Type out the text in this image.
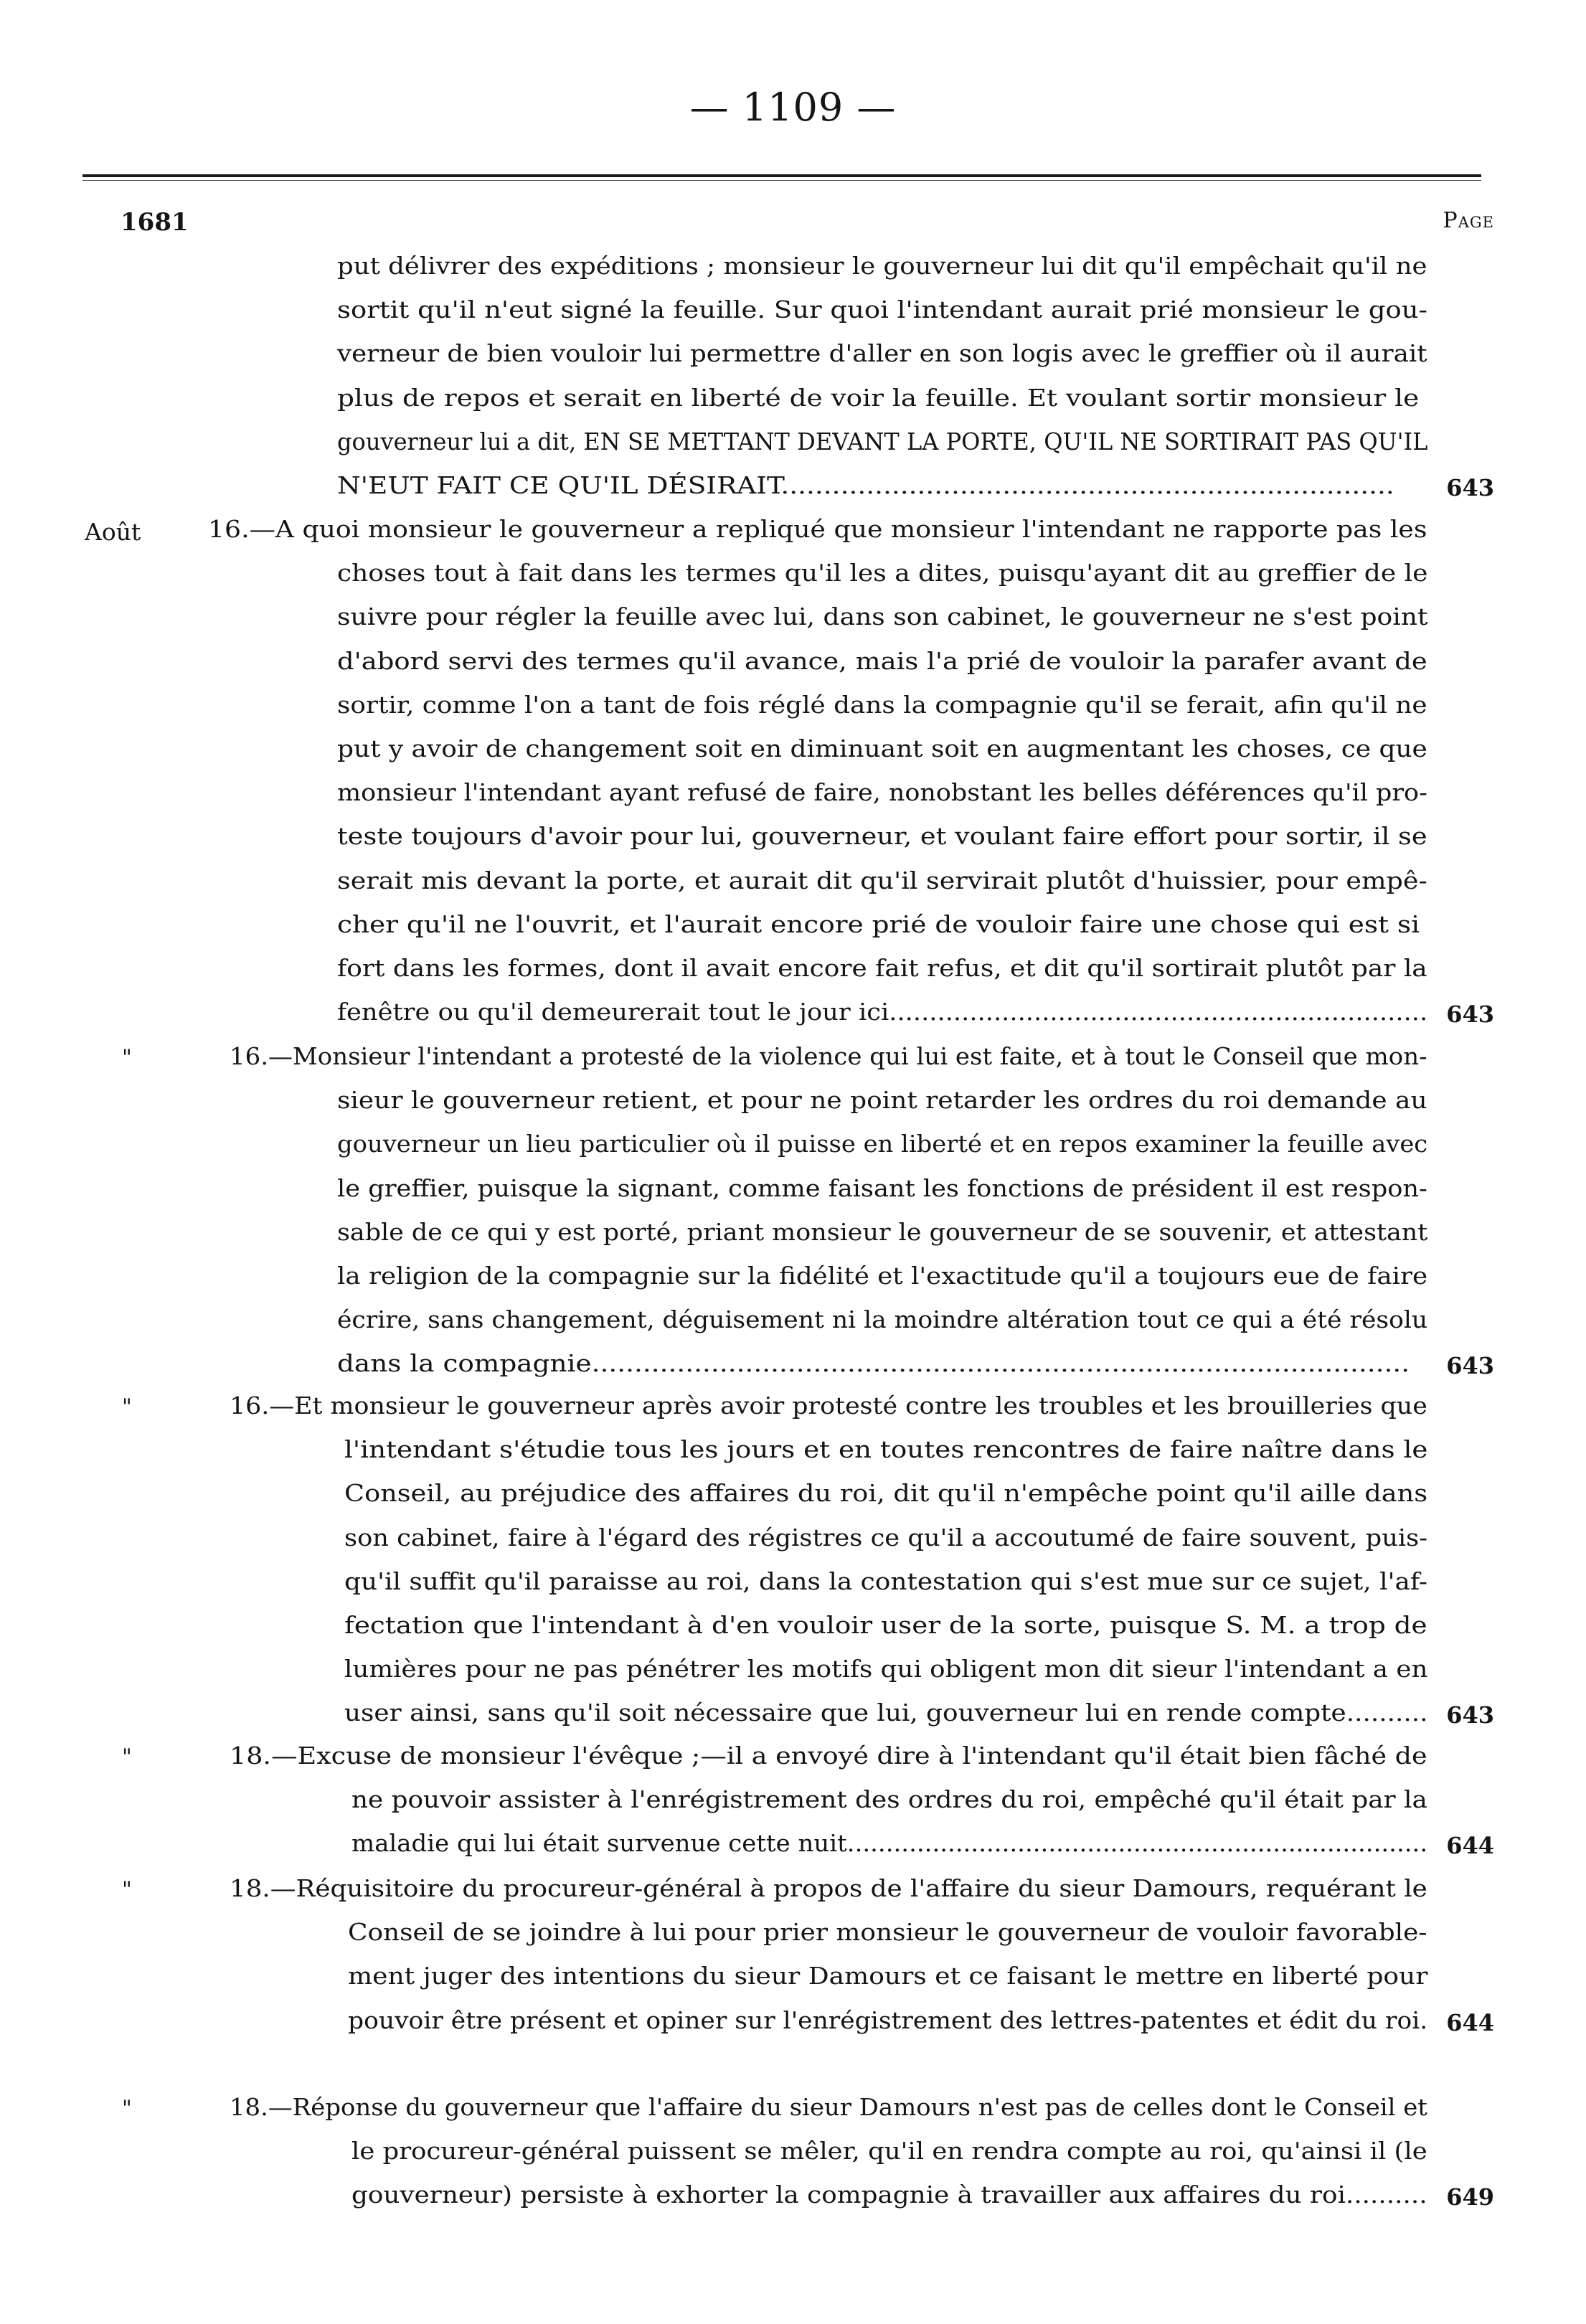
— 1109 —
1681	Page
put délivrer des expéditions ; monsieur le gouverneur lui dit qu'il empêchait qu'il ne
sortit qu'il n'eut signé la feuille. Sur quoi l'intendant aurait prié monsieur le gou-
verneur de bien vouloir lui permettre d'aller en son logis avec le greffier où il aurait
plus de repos et serait en liberté de voir la feuille. Et voulant sortir monsieur le
gouverneur lui a dit, EN SE METTANT DEVANT LA PORTE, QU'IL NE SORTIRAIT PAS QU'IL
N'EUT FAIT CE QU'IL DÉSIRAIT........................................................................ 643
Août	16.—A quoi monsieur le gouverneur a repliqué que monsieur l'intendant ne rapporte pas les
choses tout à fait dans les termes qu'il les a dites, puisqu'ayant dit au greffier de le
suivre pour régler la feuille avec lui, dans son cabinet, le gouverneur ne s'est point
d'abord servi des termes qu'il avance, mais l'a prié de vouloir la parafer avant de
sortir, comme l'on a tant de fois réglé dans la compagnie qu'il se ferait, afin qu'il ne
put y avoir de changement soit en diminuant soit en augmentant les choses, ce que
monsieur l'intendant ayant refusé de faire, nonobstant les belles déférences qu'il pro-
teste toujours d'avoir pour lui, gouverneur, et voulant faire effort pour sortir, il se
serait mis devant la porte, et aurait dit qu'il servirait plutôt d'huissier, pour empê-
cher qu'il ne l'ouvrit, et l'aurait encore prié de vouloir faire une chose qui est si
fort dans les formes, dont il avait encore fait refus, et dit qu'il sortirait plutôt par la
fenêtre ou qu'il demeurerait tout le jour ici................................................................... 643
"	16.—Monsieur l'intendant a protesté de la violence qui lui est faite, et à tout le Conseil que mon-
sieur le gouverneur retient, et pour ne point retarder les ordres du roi demande au
gouverneur un lieu particulier où il puisse en liberté et en repos examiner la feuille avec
le greffier, puisque la signant, comme faisant les fonctions de président il est respon-
sable de ce qui y est porté, priant monsieur le gouverneur de se souvenir, et attestant
la religion de la compagnie sur la fidélité et l'exactitude qu'il a toujours eue de faire
écrire, sans changement, déguisement ni la moindre altération tout ce qui a été résolu
dans la compagnie................................................................................................ 643
"	16.—Et monsieur le gouverneur après avoir protesté contre les troubles et les brouilleries que
l'intendant s'étudie tous les jours et en toutes rencontres de faire naître dans le
Conseil, au préjudice des affaires du roi, dit qu'il n'empêche point qu'il aille dans
son cabinet, faire à l'égard des régistres ce qu'il a accoutumé de faire souvent, puis-
qu'il suffit qu'il paraisse au roi, dans la contestation qui s'est mue sur ce sujet, l'af-
fectation que l'intendant à d'en vouloir user de la sorte, puisque S. M. a trop de
lumières pour ne pas pénétrer les motifs qui obligent mon dit sieur l'intendant a en
user ainsi, sans qu'il soit nécessaire que lui, gouverneur lui en rende compte.......... 643
"	18.—Excuse de monsieur l'évêque ;—il a envoyé dire à l'intendant qu'il était bien fâché de
ne pouvoir assister à l'enrégistrement des ordres du roi, empêché qu'il était par la
maladie qui lui était survenue cette nuit........................................................................... 644
"	18.—Réquisitoire du procureur-général à propos de l'affaire du sieur Damours, requérant le
Conseil de se joindre à lui pour prier monsieur le gouverneur de vouloir favorable-
ment juger des intentions du sieur Damours et ce faisant le mettre en liberté pour
pouvoir être présent et opiner sur l'enrégistrement des lettres-patentes et édit du roi. 644
"	18.—Réponse du gouverneur que l'affaire du sieur Damours n'est pas de celles dont le Conseil et
le procureur-général puissent se mêler, qu'il en rendra compte au roi, qu'ainsi il (le
gouverneur) persiste à exhorter la compagnie à travailler aux affaires du roi.......... 649
